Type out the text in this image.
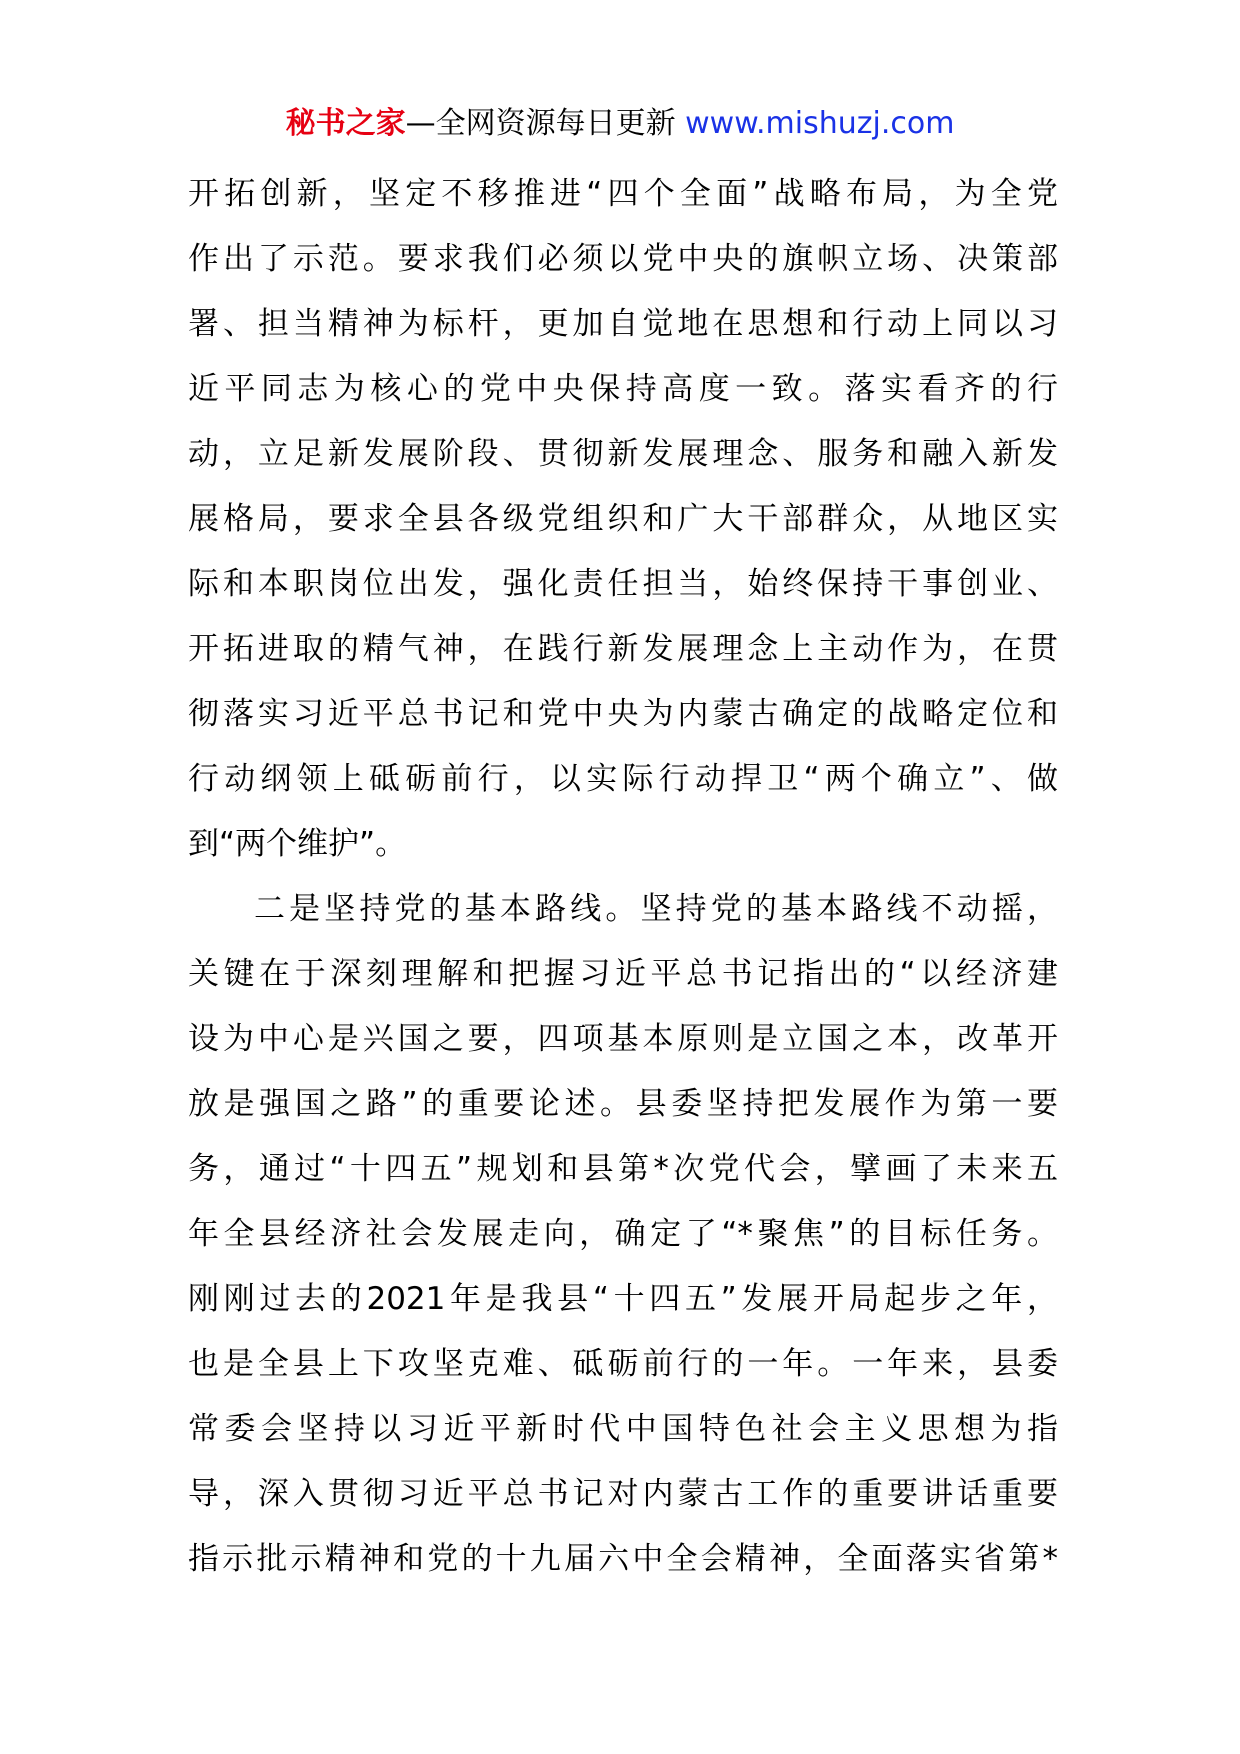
秘书之家—全网资源每日更新 www.mishuzj.com
开拓创新，坚定不移推进“四个全面”战略布局，为全党
作出了示范。要求我们必须以党中央的旗帜立场、决策部
署、担当精神为标杆，更加自觉地在思想和行动上同以习
近平同志为核心的党中央保持高度一致。落实看齐的行
动，立足新发展阶段、贯彻新发展理念、服务和融入新发
展格局，要求全县各级党组织和广大干部群众，从地区实
际和本职岗位出发，强化责任担当，始终保持干事创业、
开拓进取的精气神，在践行新发展理念上主动作为，在贯
彻落实习近平总书记和党中央为内蒙古确定的战略定位和
行动纲领上砥砺前行，以实际行动捍卫“两个确立”、做
到“两个维护”。
二是坚持党的基本路线。坚持党的基本路线不动摇，
关键在于深刻理解和把握习近平总书记指出的“以经济建
设为中心是兴国之要，四项基本原则是立国之本，改革开
放是强国之路”的重要论述。县委坚持把发展作为第一要
务，通过“十四五”规划和县第*次党代会，擘画了未来五
年全县经济社会发展走向，确定了“*聚焦”的目标任务。
刚刚过去的2021年是我县“十四五”发展开局起步之年，
也是全县上下攻坚克难、砥砺前行的一年。一年来，县委
常委会坚持以习近平新时代中国特色社会主义思想为指
导，深入贯彻习近平总书记对内蒙古工作的重要讲话重要
指示批示精神和党的十九届六中全会精神，全面落实省第*
